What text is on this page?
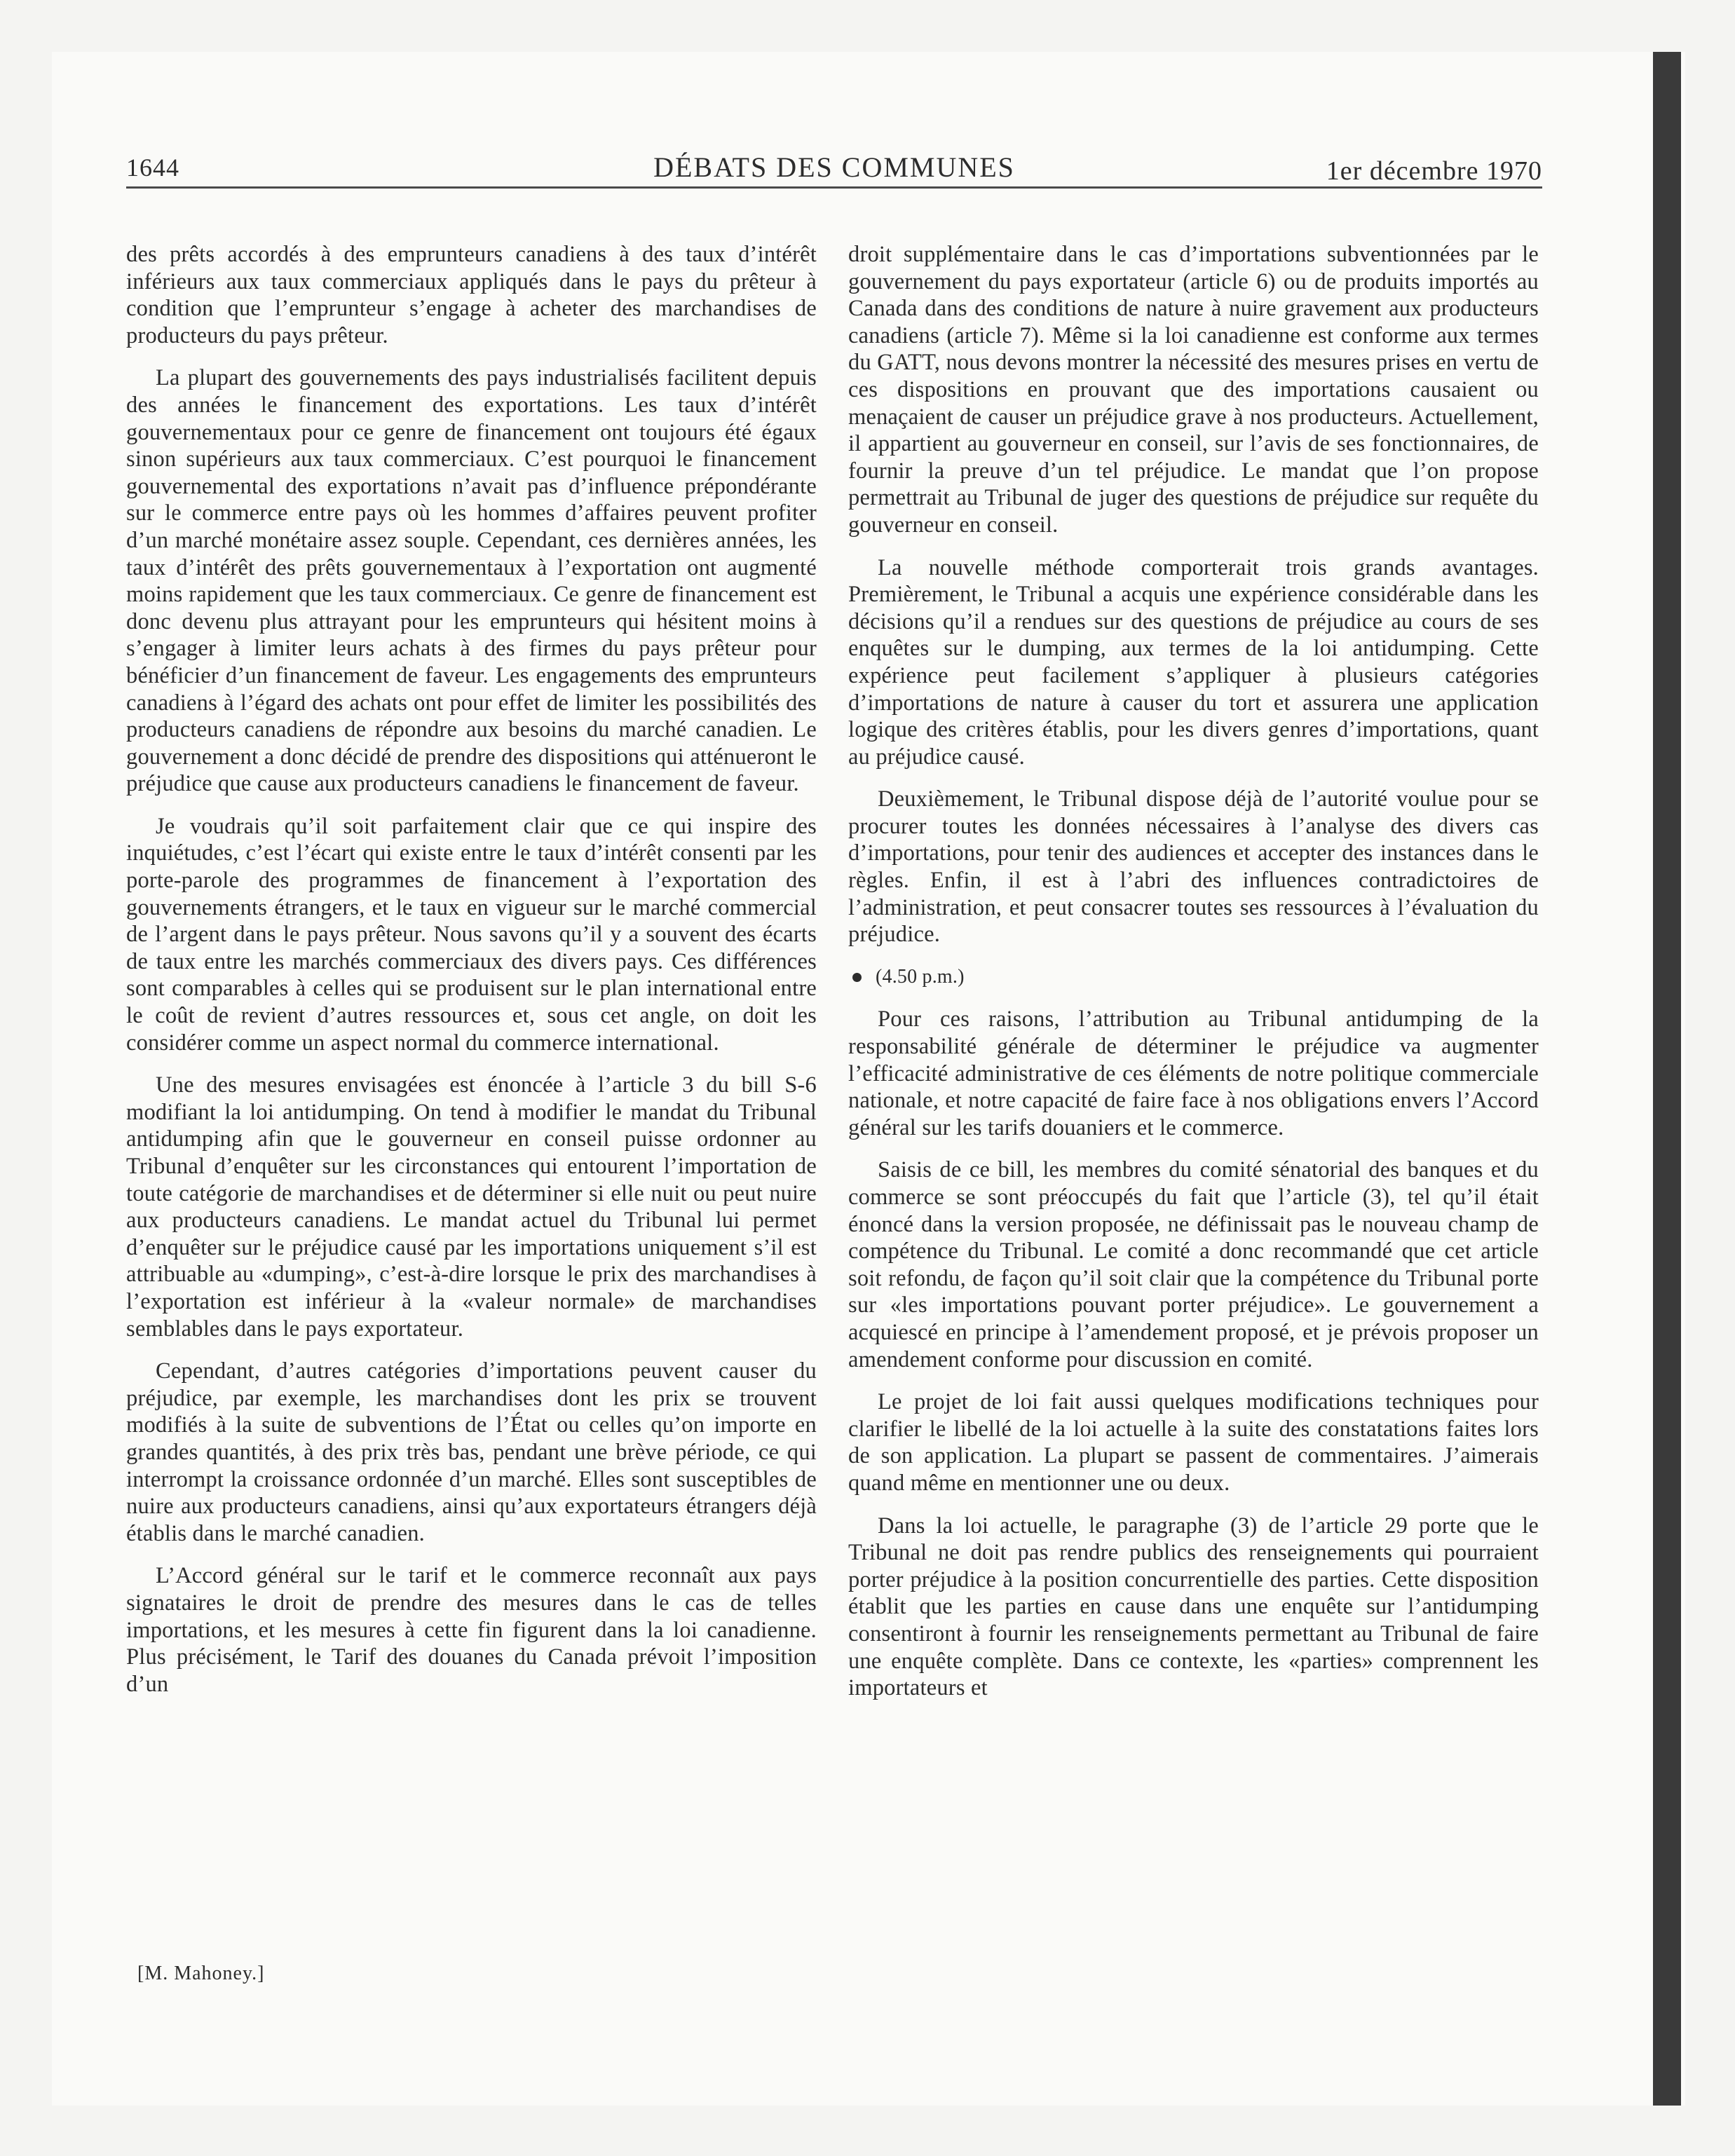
1644	DÉBATS DES COMMUNES	1er décembre 1970

des prêts accordés à des emprunteurs canadiens à des taux d’intérêt inférieurs aux taux commerciaux appliqués dans le pays du prêteur à condition que l’emprunteur s’engage à acheter des marchandises de producteurs du pays prêteur.

La plupart des gouvernements des pays industrialisés facilitent depuis des années le financement des exportations. Les taux d’intérêt gouvernementaux pour ce genre de financement ont toujours été égaux sinon supérieurs aux taux commerciaux. C’est pourquoi le financement gouvernemental des exportations n’avait pas d’influence prépondérante sur le commerce entre pays où les hommes d’affaires peuvent profiter d’un marché monétaire assez souple. Cependant, ces dernières années, les taux d’intérêt des prêts gouvernementaux à l’exportation ont augmenté moins rapidement que les taux commerciaux. Ce genre de financement est donc devenu plus attrayant pour les emprunteurs qui hésitent moins à s’engager à limiter leurs achats à des firmes du pays prêteur pour bénéficier d’un financement de faveur. Les engagements des emprunteurs canadiens à l’égard des achats ont pour effet de limiter les possibilités des producteurs canadiens de répondre aux besoins du marché canadien. Le gouvernement a donc décidé de prendre des dispositions qui atténueront le préjudice que cause aux producteurs canadiens le financement de faveur.

Je voudrais qu’il soit parfaitement clair que ce qui inspire des inquiétudes, c’est l’écart qui existe entre le taux d’intérêt consenti par les porte-parole des programmes de financement à l’exportation des gouvernements étrangers, et le taux en vigueur sur le marché commercial de l’argent dans le pays prêteur. Nous savons qu’il y a souvent des écarts de taux entre les marchés commerciaux des divers pays. Ces différences sont comparables à celles qui se produisent sur le plan international entre le coût de revient d’autres ressources et, sous cet angle, on doit les considérer comme un aspect normal du commerce international.

Une des mesures envisagées est énoncée à l’article 3 du bill S-6 modifiant la loi antidumping. On tend à modifier le mandat du Tribunal antidumping afin que le gouverneur en conseil puisse ordonner au Tribunal d’enquêter sur les circonstances qui entourent l’importation de toute catégorie de marchandises et de déterminer si elle nuit ou peut nuire aux producteurs canadiens. Le mandat actuel du Tribunal lui permet d’enquêter sur le préjudice causé par les importations uniquement s’il est attribuable au «dumping», c’est-à-dire lorsque le prix des marchandises à l’exportation est inférieur à la «valeur normale» de marchandises semblables dans le pays exportateur.

Cependant, d’autres catégories d’importations peuvent causer du préjudice, par exemple, les marchandises dont les prix se trouvent modifiés à la suite de subventions de l’État ou celles qu’on importe en grandes quantités, à des prix très bas, pendant une brève période, ce qui interrompt la croissance ordonnée d’un marché. Elles sont susceptibles de nuire aux producteurs canadiens, ainsi qu’aux exportateurs étrangers déjà établis dans le marché canadien.

L’Accord général sur le tarif et le commerce reconnaît aux pays signataires le droit de prendre des mesures dans le cas de telles importations, et les mesures à cette fin figurent dans la loi canadienne. Plus précisément, le Tarif des douanes du Canada prévoit l’imposition d’un

[M. Mahoney.]

droit supplémentaire dans le cas d’importations subventionnées par le gouvernement du pays exportateur (article 6) ou de produits importés au Canada dans des conditions de nature à nuire gravement aux producteurs canadiens (article 7). Même si la loi canadienne est conforme aux termes du GATT, nous devons montrer la nécessité des mesures prises en vertu de ces dispositions en prouvant que des importations causaient ou menaçaient de causer un préjudice grave à nos producteurs. Actuellement, il appartient au gouverneur en conseil, sur l’avis de ses fonctionnaires, de fournir la preuve d’un tel préjudice. Le mandat que l’on propose permettrait au Tribunal de juger des questions de préjudice sur requête du gouverneur en conseil.

La nouvelle méthode comporterait trois grands avantages. Premièrement, le Tribunal a acquis une expérience considérable dans les décisions qu’il a rendues sur des questions de préjudice au cours de ses enquêtes sur le dumping, aux termes de la loi antidumping. Cette expérience peut facilement s’appliquer à plusieurs catégories d’importations de nature à causer du tort et assurera une application logique des critères établis, pour les divers genres d’importations, quant au préjudice causé.

Deuxièmement, le Tribunal dispose déjà de l’autorité voulue pour se procurer toutes les données nécessaires à l’analyse des divers cas d’importations, pour tenir des audiences et accepter des instances dans le règles. Enfin, il est à l’abri des influences contradictoires de l’administration, et peut consacrer toutes ses ressources à l’évaluation du préjudice.

(4.50 p.m.)

Pour ces raisons, l’attribution au Tribunal antidumping de la responsabilité générale de déterminer le préjudice va augmenter l’efficacité administrative de ces éléments de notre politique commerciale nationale, et notre capacité de faire face à nos obligations envers l’Accord général sur les tarifs douaniers et le commerce.

Saisis de ce bill, les membres du comité sénatorial des banques et du commerce se sont préoccupés du fait que l’article (3), tel qu’il était énoncé dans la version proposée, ne définissait pas le nouveau champ de compétence du Tribunal. Le comité a donc recommandé que cet article soit refondu, de façon qu’il soit clair que la compétence du Tribunal porte sur «les importations pouvant porter préjudice». Le gouvernement a acquiescé en principe à l’amendement proposé, et je prévois proposer un amendement conforme pour discussion en comité.

Le projet de loi fait aussi quelques modifications techniques pour clarifier le libellé de la loi actuelle à la suite des constatations faites lors de son application. La plupart se passent de commentaires. J’aimerais quand même en mentionner une ou deux.

Dans la loi actuelle, le paragraphe (3) de l’article 29 porte que le Tribunal ne doit pas rendre publics des renseignements qui pourraient porter préjudice à la position concurrentielle des parties. Cette disposition établit que les parties en cause dans une enquête sur l’antidumping consentiront à fournir les renseignements permettant au Tribunal de faire une enquête complète. Dans ce contexte, les «parties» comprennent les importateurs et
